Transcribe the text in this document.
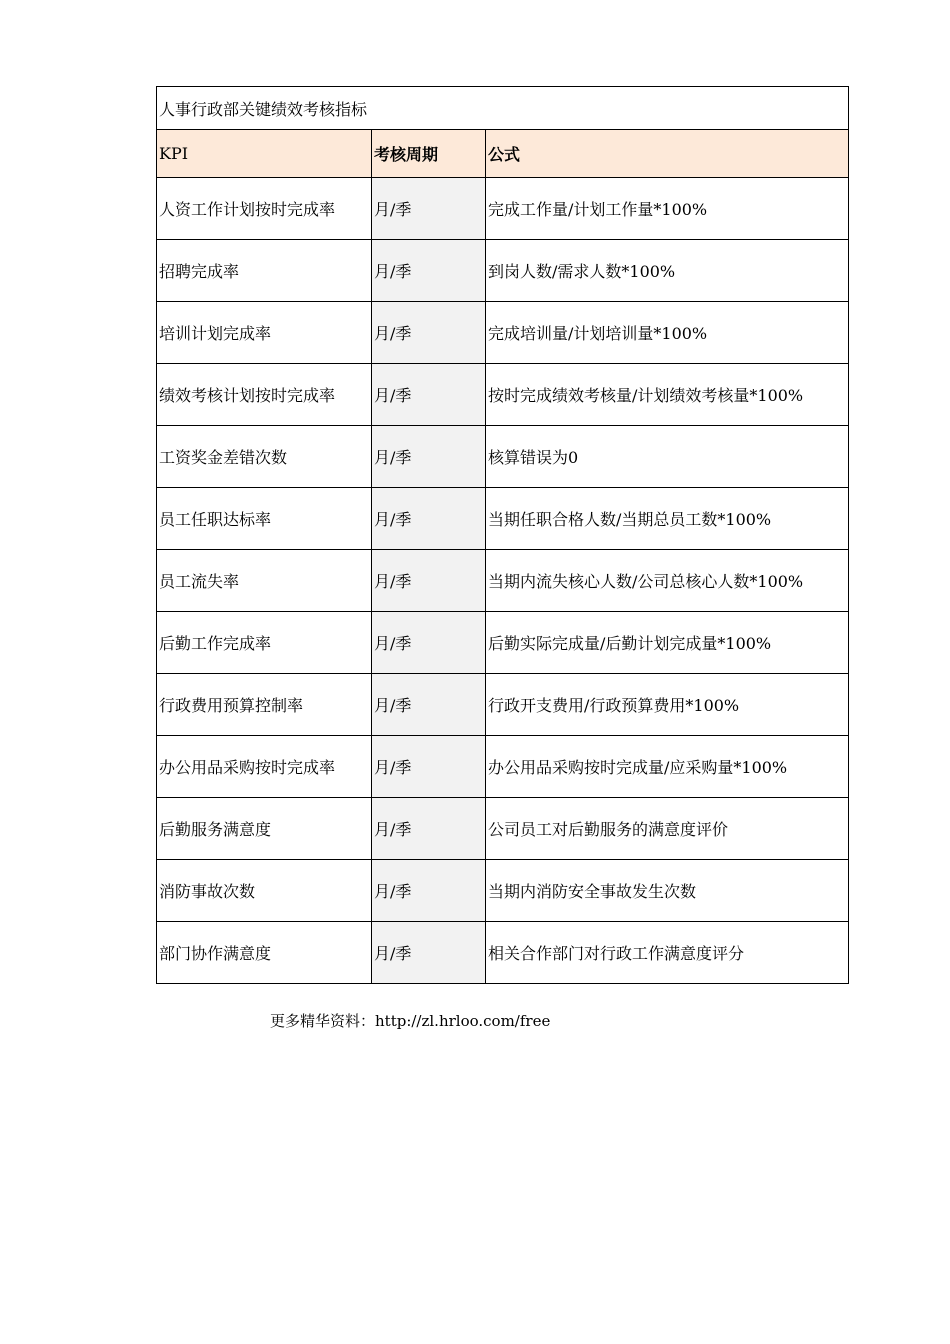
人事行政部关键绩效考核指标		
KPI	考核周期	公式
人资工作计划按时完成率	月/季	完成工作量/计划工作量*100%
招聘完成率	月/季	到岗人数/需求人数*100%
培训计划完成率	月/季	完成培训量/计划培训量*100%
绩效考核计划按时完成率	月/季	按时完成绩效考核量/计划绩效考核量*100%
工资奖金差错次数	月/季	核算错误为0
员工任职达标率	月/季	当期任职合格人数/当期总员工数*100%
员工流失率	月/季	当期内流失核心人数/公司总核心人数*100%
后勤工作完成率	月/季	后勤实际完成量/后勤计划完成量*100%
行政费用预算控制率	月/季	行政开支费用/行政预算费用*100%
办公用品采购按时完成率	月/季	办公用品采购按时完成量/应采购量*100%
后勤服务满意度	月/季	公司员工对后勤服务的满意度评价
消防事故次数	月/季	当期内消防安全事故发生次数
部门协作满意度	月/季	相关合作部门对行政工作满意度评分
更多精华资料：http://zl.hrloo.com/free
